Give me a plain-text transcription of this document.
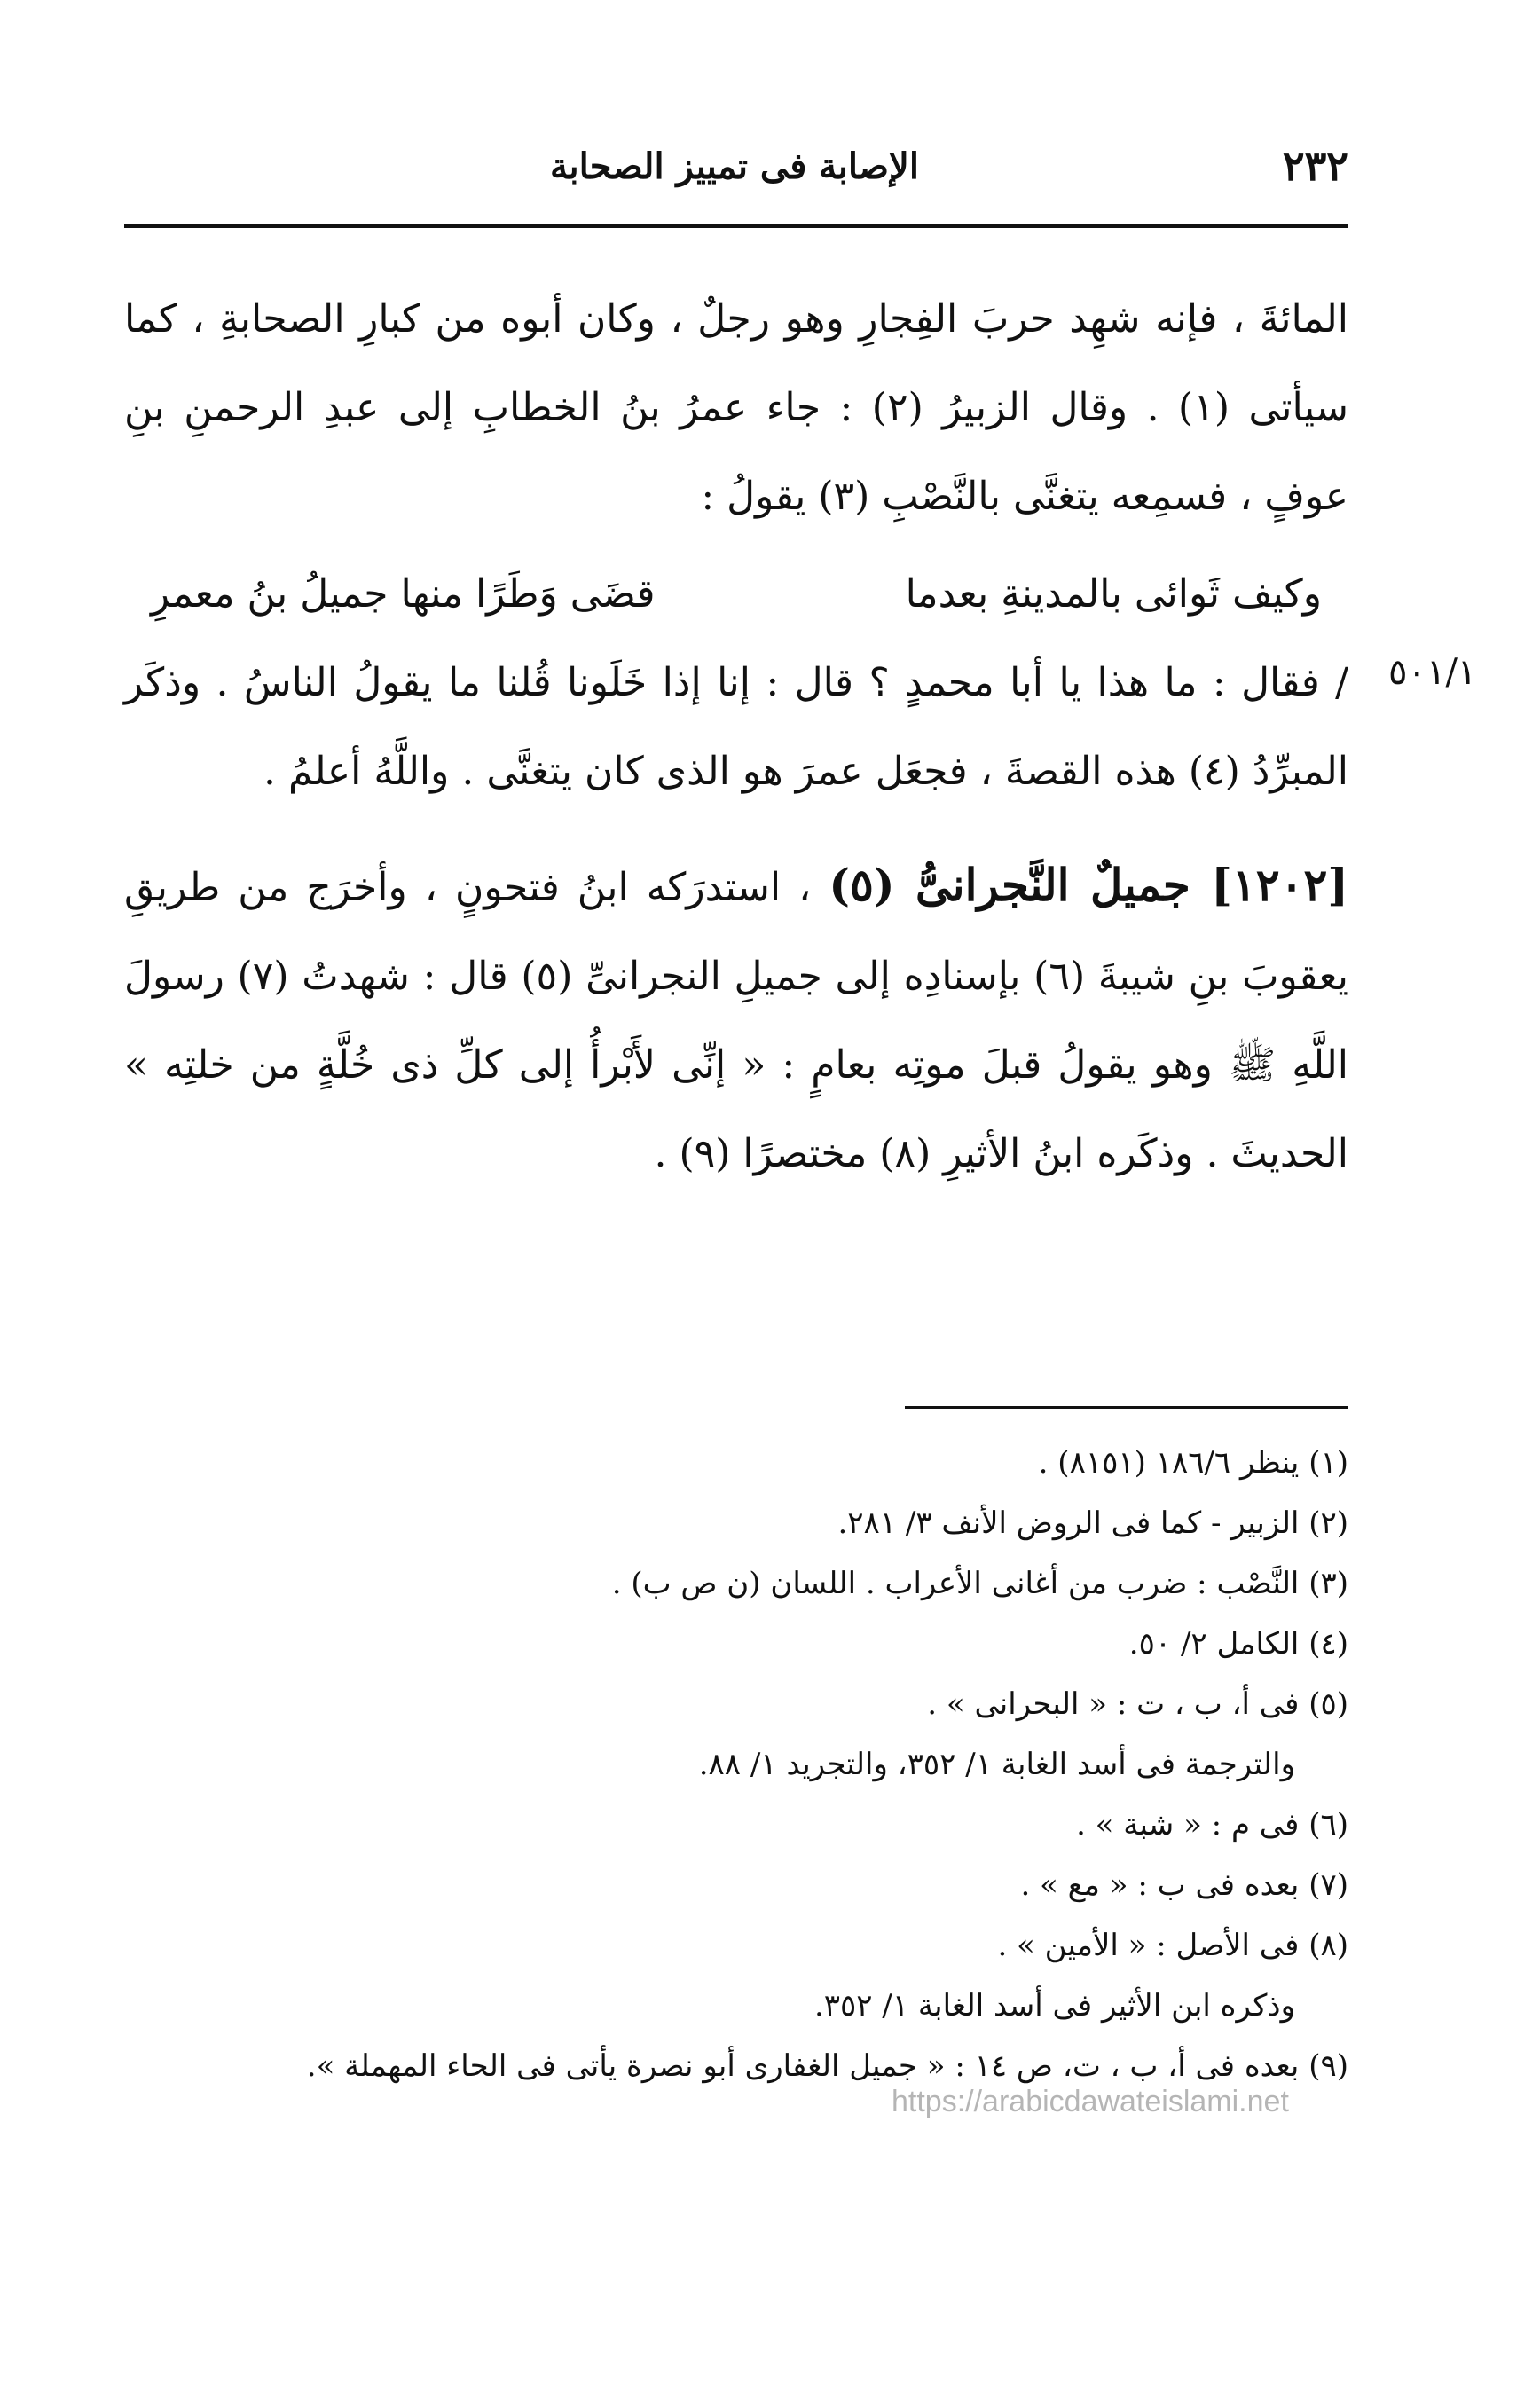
٢٣٢
الإصابة فى تمييز الصحابة
٥٠١/١

المائةَ ، فإنه شهِد حربَ الفِجارِ وهو رجلٌ ، وكان أبوه من كبارِ الصحابةِ ، كما سيأتى (١) . وقال الزبيرُ (٢) : جاء عمرُ بنُ الخطابِ إلى عبدِ الرحمنِ بنِ عوفٍ ، فسمِعه يتغنَّى بالنَّصْبِ (٣) يقولُ :

وكيف ثَوائى بالمدينةِ بعدما
قضَى وَطَرًا منها جميلُ بنُ معمرِ

/ فقال : ما هذا يا أبا محمدٍ ؟ قال : إنا إذا خَلَونا قُلنا ما يقولُ الناسُ . وذكَر المبرِّدُ (٤) هذه القصةَ ، فجعَل عمرَ هو الذى كان يتغنَّى . واللَّهُ أعلمُ .

[١٢٠٢] جميلٌ النَّجرانىُّ (٥) ، استدرَكه ابنُ فتحونٍ ، وأخرَج من طريقِ يعقوبَ بنِ شيبةَ (٦) بإسنادِه إلى جميلِ النجرانىِّ (٥) قال : شهدتُ (٧) رسولَ اللَّهِ ﷺ وهو يقولُ قبلَ موتِه بعامٍ : « إنِّى لأَبْرأُ إلى كلِّ ذى خُلَّةٍ من خلتِه » الحديثَ . وذكَره ابنُ الأثيرِ (٨) مختصرًا (٩) .

(١) ينظر ١٨٦/٦ (٨١٥١) .
(٢) الزبير - كما فى الروض الأنف ٣/ ٢٨١.
(٣) النَّصْب : ضرب من أغانى الأعراب . اللسان (ن ص ب) .
(٤) الكامل ٢/ ٥٠.
(٥) فى أ، ب ، ت : « البحرانى » .
والترجمة فى أسد الغابة ١/ ٣٥٢، والتجريد ١/ ٨٨.
(٦) فى م : « شبة » .
(٧) بعده فى ب : « مع » .
(٨) فى الأصل : « الأمين » .
وذكره ابن الأثير فى أسد الغابة ١/ ٣٥٢.
(٩) بعده فى أ، ب ، ت، ص ١٤ : « جميل الغفارى أبو نصرة يأتى فى الحاء المهملة ».
https://arabicdawateislami.net
